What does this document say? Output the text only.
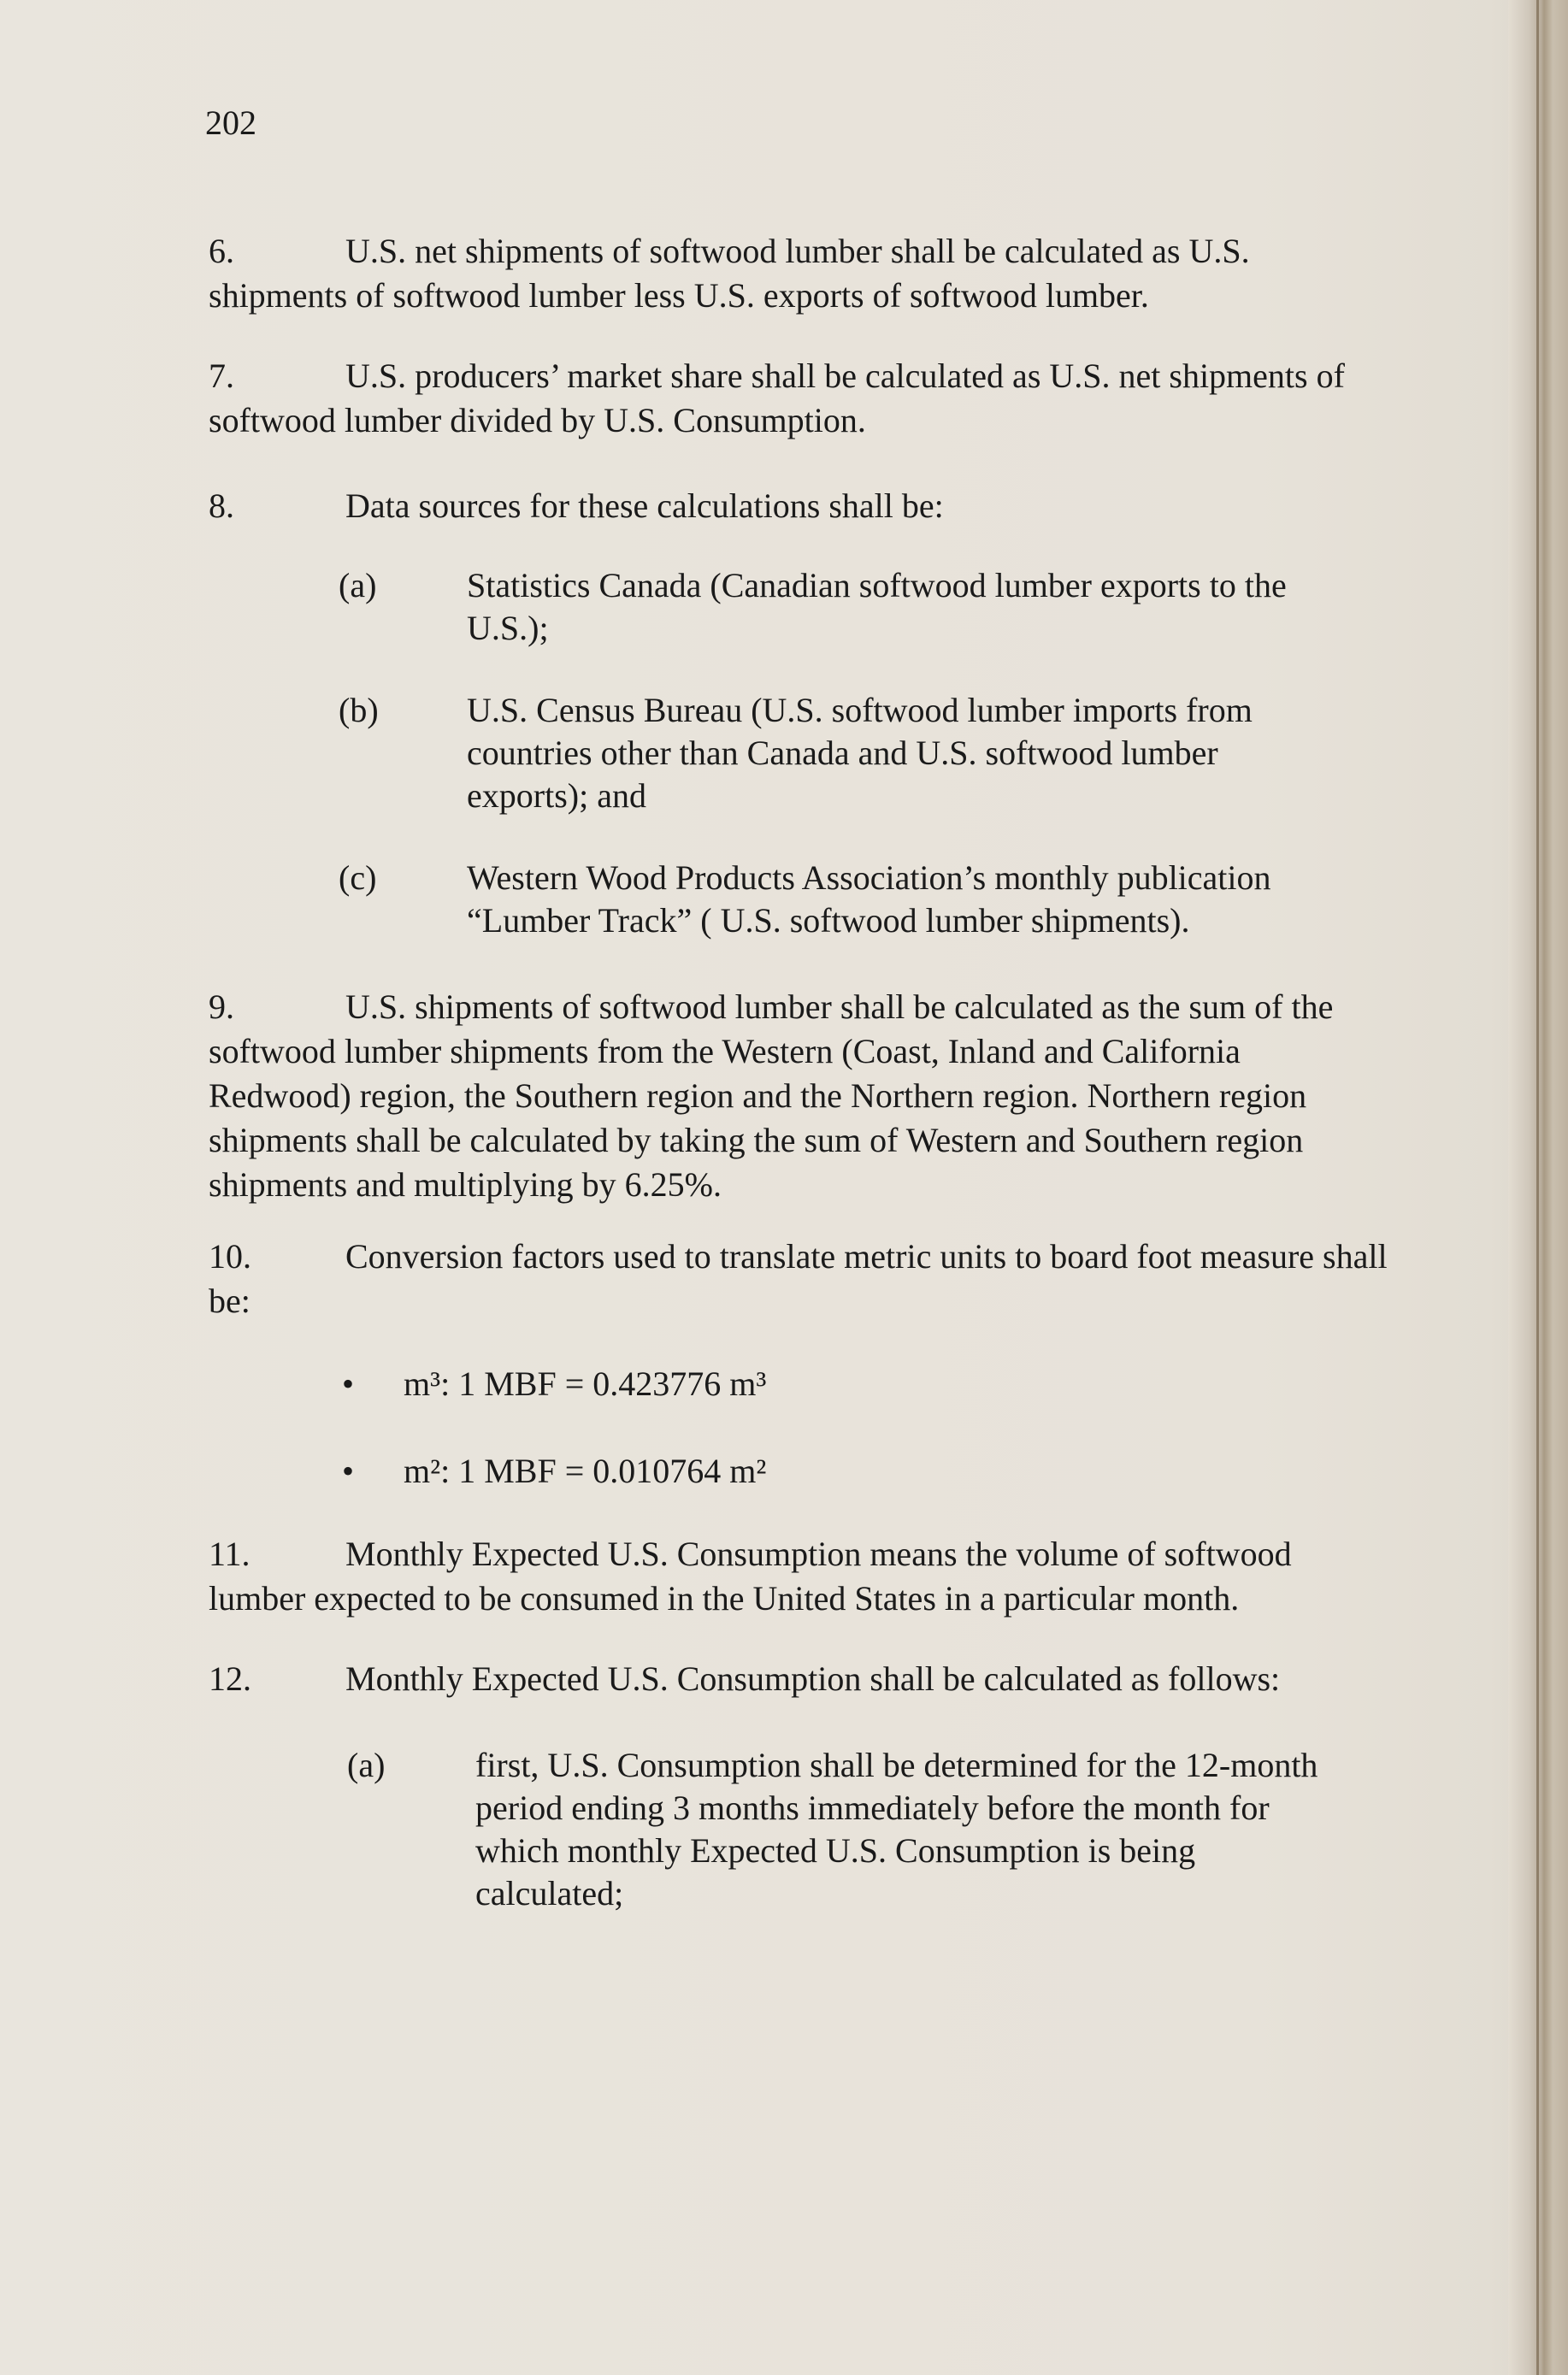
202
6.	U.S. net shipments of softwood lumber shall be calculated as U.S. shipments of softwood lumber less U.S. exports of softwood lumber.
7.	U.S. producers’ market share shall be calculated as U.S. net shipments of softwood lumber divided by U.S. Consumption.
8.	Data sources for these calculations shall be:
(a)	Statistics Canada (Canadian softwood lumber exports to the U.S.);
(b)	U.S. Census Bureau (U.S. softwood lumber imports from countries other than Canada and U.S. softwood lumber exports); and
(c)	Western Wood Products Association’s monthly publication “Lumber Track” ( U.S. softwood lumber shipments).
9.	U.S. shipments of softwood lumber shall be calculated as the sum of the softwood lumber shipments from the Western (Coast, Inland and California Redwood) region, the Southern region and the Northern region. Northern region shipments shall be calculated by taking the sum of Western and Southern region shipments and multiplying by 6.25%.
10.	Conversion factors used to translate metric units to board foot measure shall be:
• m³: 1 MBF = 0.423776 m³
• m²: 1 MBF = 0.010764 m²
11.	Monthly Expected U.S. Consumption means the volume of softwood lumber expected to be consumed in the United States in a particular month.
12.	Monthly Expected U.S. Consumption shall be calculated as follows:
(a)	first, U.S. Consumption shall be determined for the 12-month period ending 3 months immediately before the month for which monthly Expected U.S. Consumption is being calculated;
